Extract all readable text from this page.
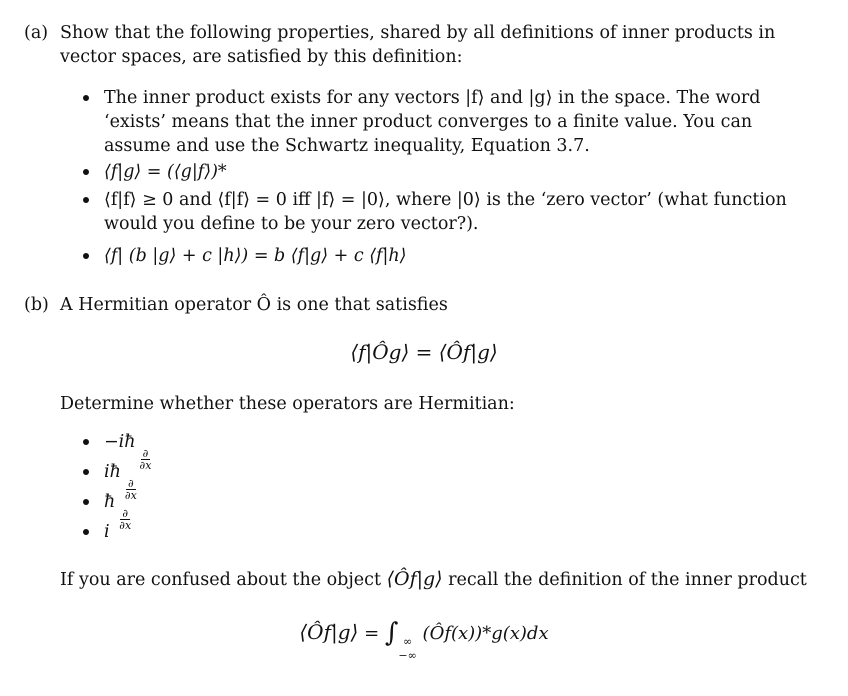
(a) Show that the following properties, shared by all definitions of inner products in vector spaces, are satisfied by this definition:

The inner product exists for any vectors |f⟩ and |g⟩ in the space. The word ‘exists’ means that the inner product converges to a finite value. You can assume and use the Schwartz inequality, Equation 3.7.

⟨f|g⟩ = (⟨g|f⟩)*

⟨f|f⟩ ≥ 0 and ⟨f|f⟩ = 0 iff |f⟩ = |0⟩, where |0⟩ is the ‘zero vector’ (what function would you define to be your zero vector?).

⟨f| (b |g⟩ + c |h⟩) = b ⟨f|g⟩ + c ⟨f|h⟩

(b) A Hermitian operator Ô is one that satisfies
⟨f|Ôg⟩ = ⟨Ôf|g⟩
Determine whether these operators are Hermitian:

−iħ
$\frac{\partial}{\partial x}$

iħ
$\frac{\partial}{\partial x}$

ħ
$\frac{\partial}{\partial x}$

i

If you are confused about the object ⟨Ôf|g⟩ recall the definition of the inner product
⟨Ôf|g⟩ = ∫ ∞
−∞
(Ôf(x))*g(x)dx
